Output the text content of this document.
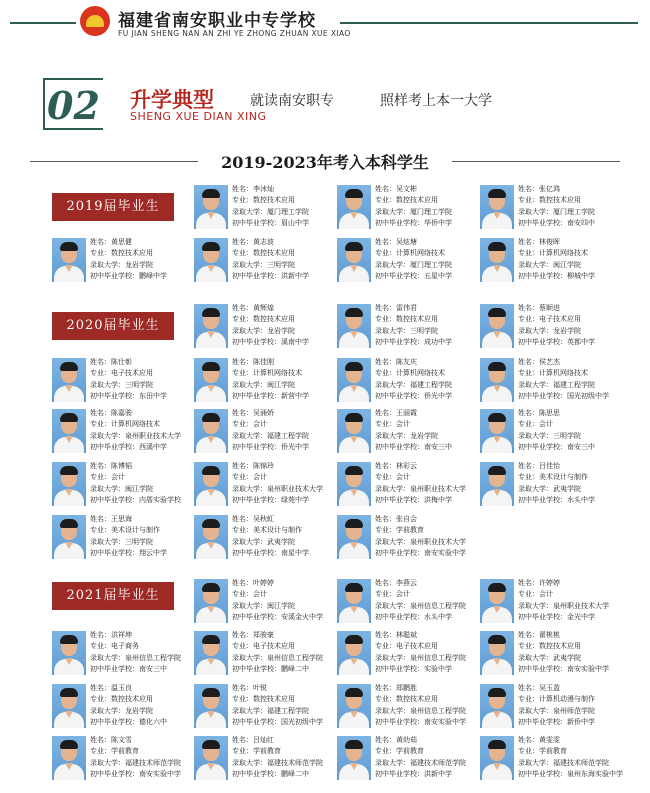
福建省南安职业中专学校
FU JIAN SHENG NAN AN ZHI YE ZHONG ZHUAN XUE XIAO
02	升学典型	就读南安职专	照样考上本一大学
SHENG XUE DIAN XING
2019-2023年考入本科学生
2019届毕业生
2020届毕业生
2021届毕业生
姓名：李沐灿
专业：数控技术应用
录取大学：厦门理工学院
初中毕业学校：眉山中学
姓名：吴文彬
专业：数控技术应用
录取大学：厦门理工学院
初中毕业学校：华侨中学
姓名：张亿鸿
专业：数控技术应用
录取大学：厦门理工学院
初中毕业学校：南安四中
姓名：黄思健
专业：数控技术应用
录取大学：龙岩学院
初中毕业学校：鹏峰中学
姓名：黄志波
专业：数控技术应用
录取大学：三明学院
初中毕业学校：洪新中学
姓名：吴炫塘
专业：计算机网络技术
录取大学：厦门理工学院
初中毕业学校：五星中学
姓名：林俊晖
专业：计算机网络技术
录取大学：闽江学院
初中毕业学校：柳城中学
姓名：黄辉煌
专业：数控技术应用
录取大学：龙岩学院
初中毕业学校：溪南中学
姓名：雷伟君
专业：数控技术应用
录取大学：三明学院
初中毕业学校：成功中学
姓名：蔡顺进
专业：电子技术应用
录取大学：龙岩学院
初中毕业学校：英都中学
姓名：陈仕彰
专业：电子技术应用
录取大学：三明学院
初中毕业学校：东田中学
姓名：陈佳刚
专业：计算机网络技术
录取大学：闽江学院
初中毕业学校：新营中学
姓名：陈友庆
专业：计算机网络技术
录取大学：福建工程学院
初中毕业学校：侨光中学
姓名：侯艺杰
专业：计算机网络技术
录取大学：福建工程学院
初中毕业学校：国光初级中学
姓名：陈嘉骏
专业：计算机网络技术
录取大学：泉州职业技术大学
初中毕业学校：西溪中学
姓名：吴涌娇
专业：会计
录取大学：福建工程学院
初中毕业学校：侨光中学
姓名：王丽霞
专业：会计
录取大学：龙岩学院
初中毕业学校：南安三中
姓名：陈思思
专业：会计
录取大学：三明学院
初中毕业学校：南安三中
姓名：陈博韬
专业：会计
录取大学：闽江学院
初中毕业学校：内厝实验学校
姓名：陈锦玲
专业：会计
录取大学：泉州职业技术大学
初中毕业学校：绿苑中学
姓名：林彩云
专业：会计
录取大学：泉州职业技术大学
初中毕业学校：洪梅中学
姓名：吕佳怡
专业：美术设计与制作
录取大学：武夷学院
初中毕业学校：水头中学
姓名：王思海
专业：美术设计与制作
录取大学：三明学院
初中毕业学校：翔云中学
姓名：吴秋虹
专业：美术设计与制作
录取大学：武夷学院
初中毕业学校：南星中学
姓名：张自会
专业：学前教育
录取大学：泉州职业技术大学
初中毕业学校：南安实验中学
姓名：叶婷婷
专业：会计
录取大学：闽江学院
初中毕业学校：安溪金火中学
姓名：李燕云
专业：会计
录取大学：泉州信息工程学院
初中毕业学校：水头中学
姓名：许婷婷
专业：会计
录取大学：泉州职业技术大学
初中毕业学校：金光中学
姓名：洪祥坤
专业：电子商务
录取大学：泉州信息工程学院
初中毕业学校：南安三中
姓名：郑骏豪
专业：电子技术应用
录取大学：泉州信息工程学院
初中毕业学校：鹏峰二中
姓名：林聪斌
专业：电子技术应用
录取大学：泉州信息工程学院
初中毕业学校：实验中学
姓名：翟桃桃
专业：数控技术应用
录取大学：武夷学院
初中毕业学校：南安实验中学
姓名：温玉良
专业：数控技术应用
录取大学：龙岩学院
初中毕业学校：德化六中
姓名：叶锐
专业：数控技术应用
录取大学：福建工程学院
初中毕业学校：国光初级中学
姓名：郑鹏胜
专业：数控技术应用
录取大学：泉州信息工程学院
初中毕业学校：南安实验中学
姓名：吴玉盈
专业：计算机动漫与制作
录取大学：泉州师范学院
初中毕业学校：新侨中学
姓名：陈文雪
专业：学前教育
录取大学：福建技术师范学院
初中毕业学校：南安实验中学
姓名：吕灿红
专业：学前教育
录取大学：福建技术师范学院
初中毕业学校：鹏峰二中
姓名：黄幼茹
专业：学前教育
录取大学：福建技术师范学院
初中毕业学校：洪新中学
姓名：黄雯雯
专业：学前教育
录取大学：福建技术师范学院
初中毕业学校：泉州东海实验中学
